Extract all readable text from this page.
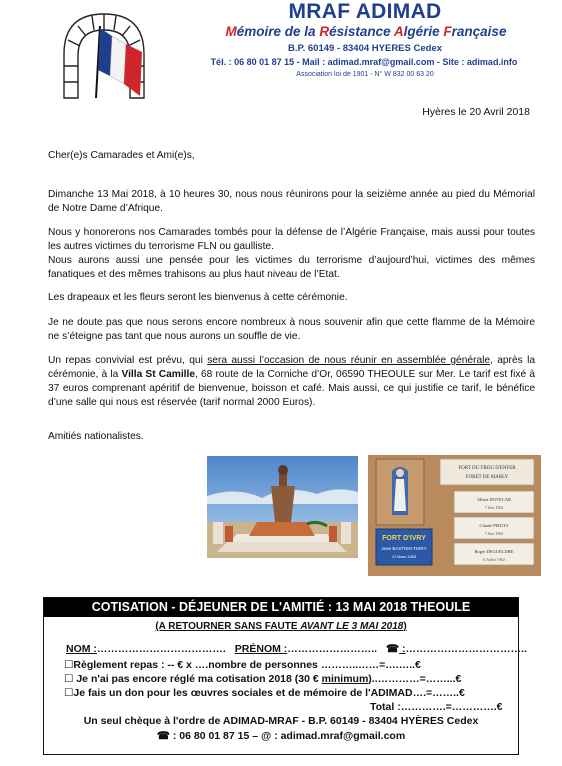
MRAF ADIMAD
Mémoire de la Résistance Algérie Française
B.P. 60149 - 83404 HYERES Cedex
Tél. : 06 80 01 87 15 - Mail : adimad.mraf@gmail.com - Site : adimad.info
Association loi de 1901 - N° W 832 00 63 20
Hyères le 20 Avril 2018
Cher(e)s Camarades et Ami(e)s,
Dimanche 13 Mai 2018, à 10 heures 30, nous nous réunirons pour la seizième année au pied du Mémorial de Notre Dame d’Afrique.
Nous y honorerons nos Camarades tombés pour la défense de l’Algérie Française, mais aussi pour toutes les autres victimes du terrorisme FLN ou gaulliste.
Nous aurons aussi une pensée pour les victimes du terrorisme d’aujourd’hui, victimes des mêmes fanatiques et des mêmes trahisons au plus haut niveau de l’Etat.
Les drapeaux et les fleurs seront les bienvenus à cette cérémonie.
Je ne doute pas que nous serons encore nombreux à nous souvenir afin que cette flamme de la Mémoire ne s’éteigne pas tant que nous aurons un souffle de vie.
Un repas convivial est prévu, qui sera aussi l’occasion de nous réunir en assemblée générale, après la cérémonie, à la Villa St Camille, 68 route de la Corniche d’Or, 06590 THEOULE sur Mer. Le tarif est fixé à 37 euros comprenant apéritif de bienvenue, boisson et café. Mais aussi, ce qui justifie ce tarif, le bénéfice d’une salle qui nous est réservée (tarif normal 2000 Euros).
Amitiés nationalistes.
FORT D'IVRY
Jean BASTIEN-THIRY
11 Mars 1963
FORT DU TROU D'ENFER
FORET DE MARLY
Albert DOVECAR
7 Juin 1962
Claude PIEGTS
7 Juin 1962
Roger DEGUELDRE
6 Juillet 1962
COTISATION - DÉJEUNER DE L'AMITIÉ : 13 MAI 2018 THEOULE
(A RETOURNER SANS FAUTE AVANT LE 3 MAI 2018)
NOM :………………………………. PRÉNOM :…………………….. ☎ :……………………………..
☐Règlement repas : -- € x ….nombre de personnes ………..……=….…..€
☐ Je n'ai pas encore réglé ma cotisation 2018 (30 € minimum)..…………=……...€
☐Je fais un don pour les œuvres sociales et de mémoire de l'ADIMAD….=……..€
Total :………….=………….€
Un seul chèque à l'ordre de ADIMAD-MRAF - B.P. 60149 - 83404 HYÈRES Cedex
☎ : 06 80 01 87 15 – @ : adimad.mraf@gmail.com
